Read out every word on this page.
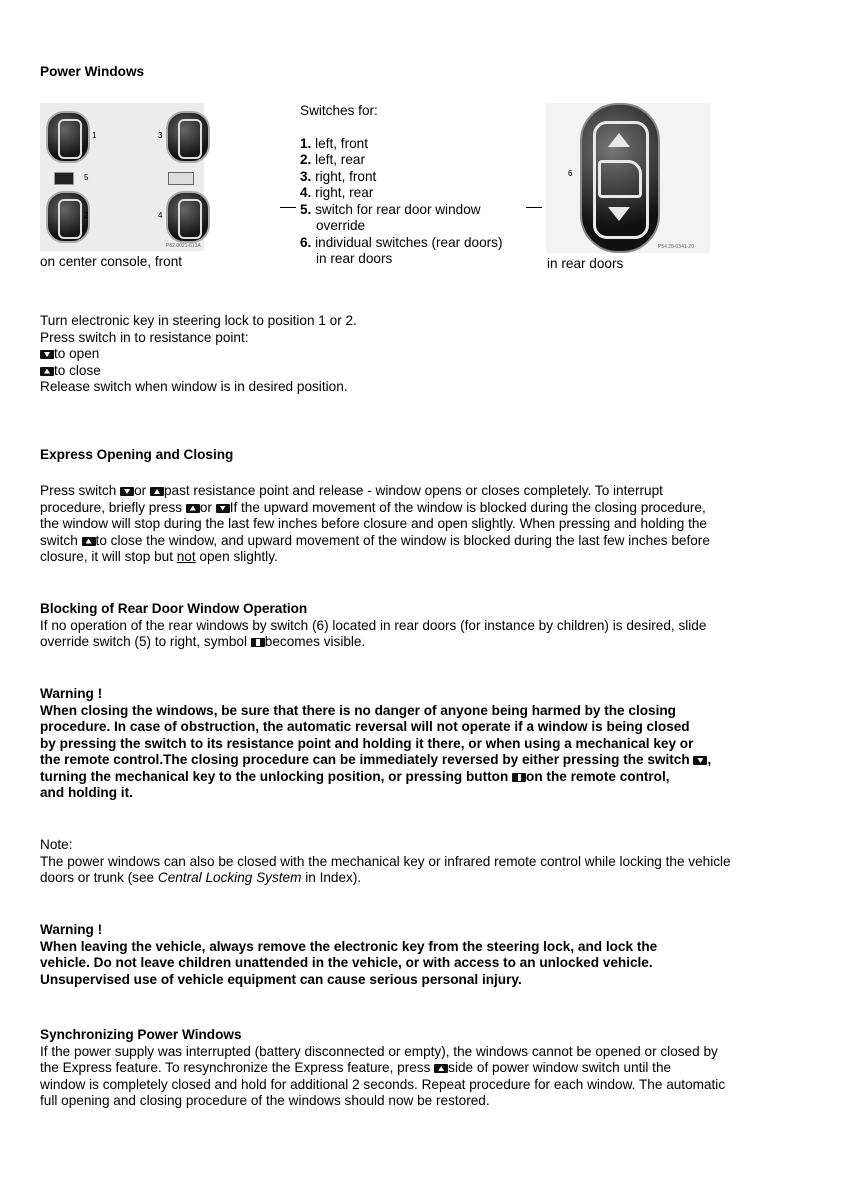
Power Windows
1	3
5
2	4
P82.0021-613A
on center console, front
Switches for:
1. left, front
2. left, rear
3. right, front
4. right, rear
5. switch for rear door window
override
6. individual switches (rear doors)
in rear doors
6
P54.25-0341-20
in rear doors

Turn electronic key in steering lock to position 1 or 2.

Press switch in to resistance point:

to open

to close

Release switch when window is in desired position.

Express Opening and Closing

Press switch or past resistance point and release - window opens or closes completely. To interrupt

procedure, briefly press or If the upward movement of the window is blocked during the closing procedure,

the window will stop during the last few inches before closure and open slightly. When pressing and holding the

switch to close the window, and upward movement of the window is blocked during the last few inches before

closure, it will stop but not open slightly.

Blocking of Rear Door Window Operation

If no operation of the rear windows by switch (6) located in rear doors (for instance by children) is desired, slide

override switch (5) to right, symbol becomes visible.

Warning !

When closing the windows, be sure that there is no danger of anyone being harmed by the closing

procedure. In case of obstruction, the automatic reversal will not operate if a window is being closed

by pressing the switch to its resistance point and holding it there, or when using a mechanical key or

the remote control.The closing procedure can be immediately reversed by either pressing the switch ,

turning the mechanical key to the unlocking position, or pressing button on the remote control,

and holding it.

Note:

The power windows can also be closed with the mechanical key or infrared remote control while locking the vehicle

doors or trunk (see Central Locking System in Index).

Warning !

When leaving the vehicle, always remove the electronic key from the steering lock, and lock the

vehicle. Do not leave children unattended in the vehicle, or with access to an unlocked vehicle.

Unsupervised use of vehicle equipment can cause serious personal injury.

Synchronizing Power Windows

If the power supply was interrupted (battery disconnected or empty), the windows cannot be opened or closed by

the Express feature. To resynchronize the Express feature, press side of power window switch until the

window is completely closed and hold for additional 2 seconds. Repeat procedure for each window. The automatic

full opening and closing procedure of the windows should now be restored.
